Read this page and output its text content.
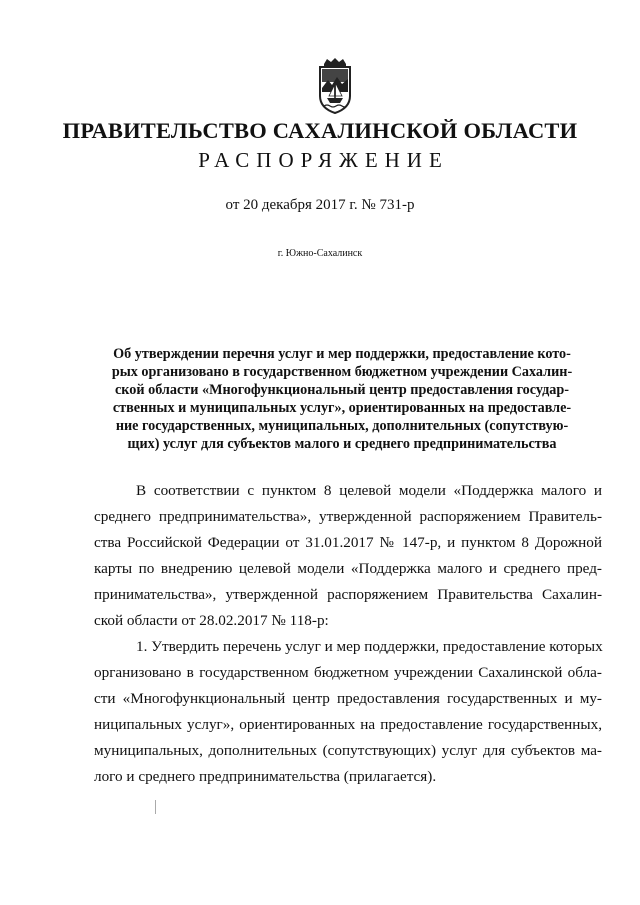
ПРАВИТЕЛЬСТВО САХАЛИНСКОЙ ОБЛАСТИ
РАСПОРЯЖЕНИЕ
от 20 декабря 2017 г. № 731-р
г. Южно-Сахалинск
Об утверждении перечня услуг и мер поддержки, предоставление кото-
рых организовано в государственном бюджетном учреждении Сахалин-
ской области «Многофункциональный центр предоставления государ-
ственных и муниципальных услуг», ориентированных на предоставле-
ние государственных, муниципальных, дополнительных (сопутствую-
щих) услуг для субъектов малого и среднего предпринимательства
В соответствии с пунктом 8 целевой модели «Поддержка малого и
среднего предпринимательства», утвержденной распоряжением Правитель-
ства Российской Федерации от 31.01.2017 № 147-р, и пунктом 8 Дорожной
карты по внедрению целевой модели «Поддержка малого и среднего пред-
принимательства», утвержденной распоряжением Правительства Сахалин-
ской области от 28.02.2017 № 118-р:
1. Утвердить перечень услуг и мер поддержки, предоставление которых
организовано в государственном бюджетном учреждении Сахалинской обла-
сти «Многофункциональный центр предоставления государственных и му-
ниципальных услуг», ориентированных на предоставление государственных,
муниципальных, дополнительных (сопутствующих) услуг для субъектов ма-
лого и среднего предпринимательства (прилагается).
